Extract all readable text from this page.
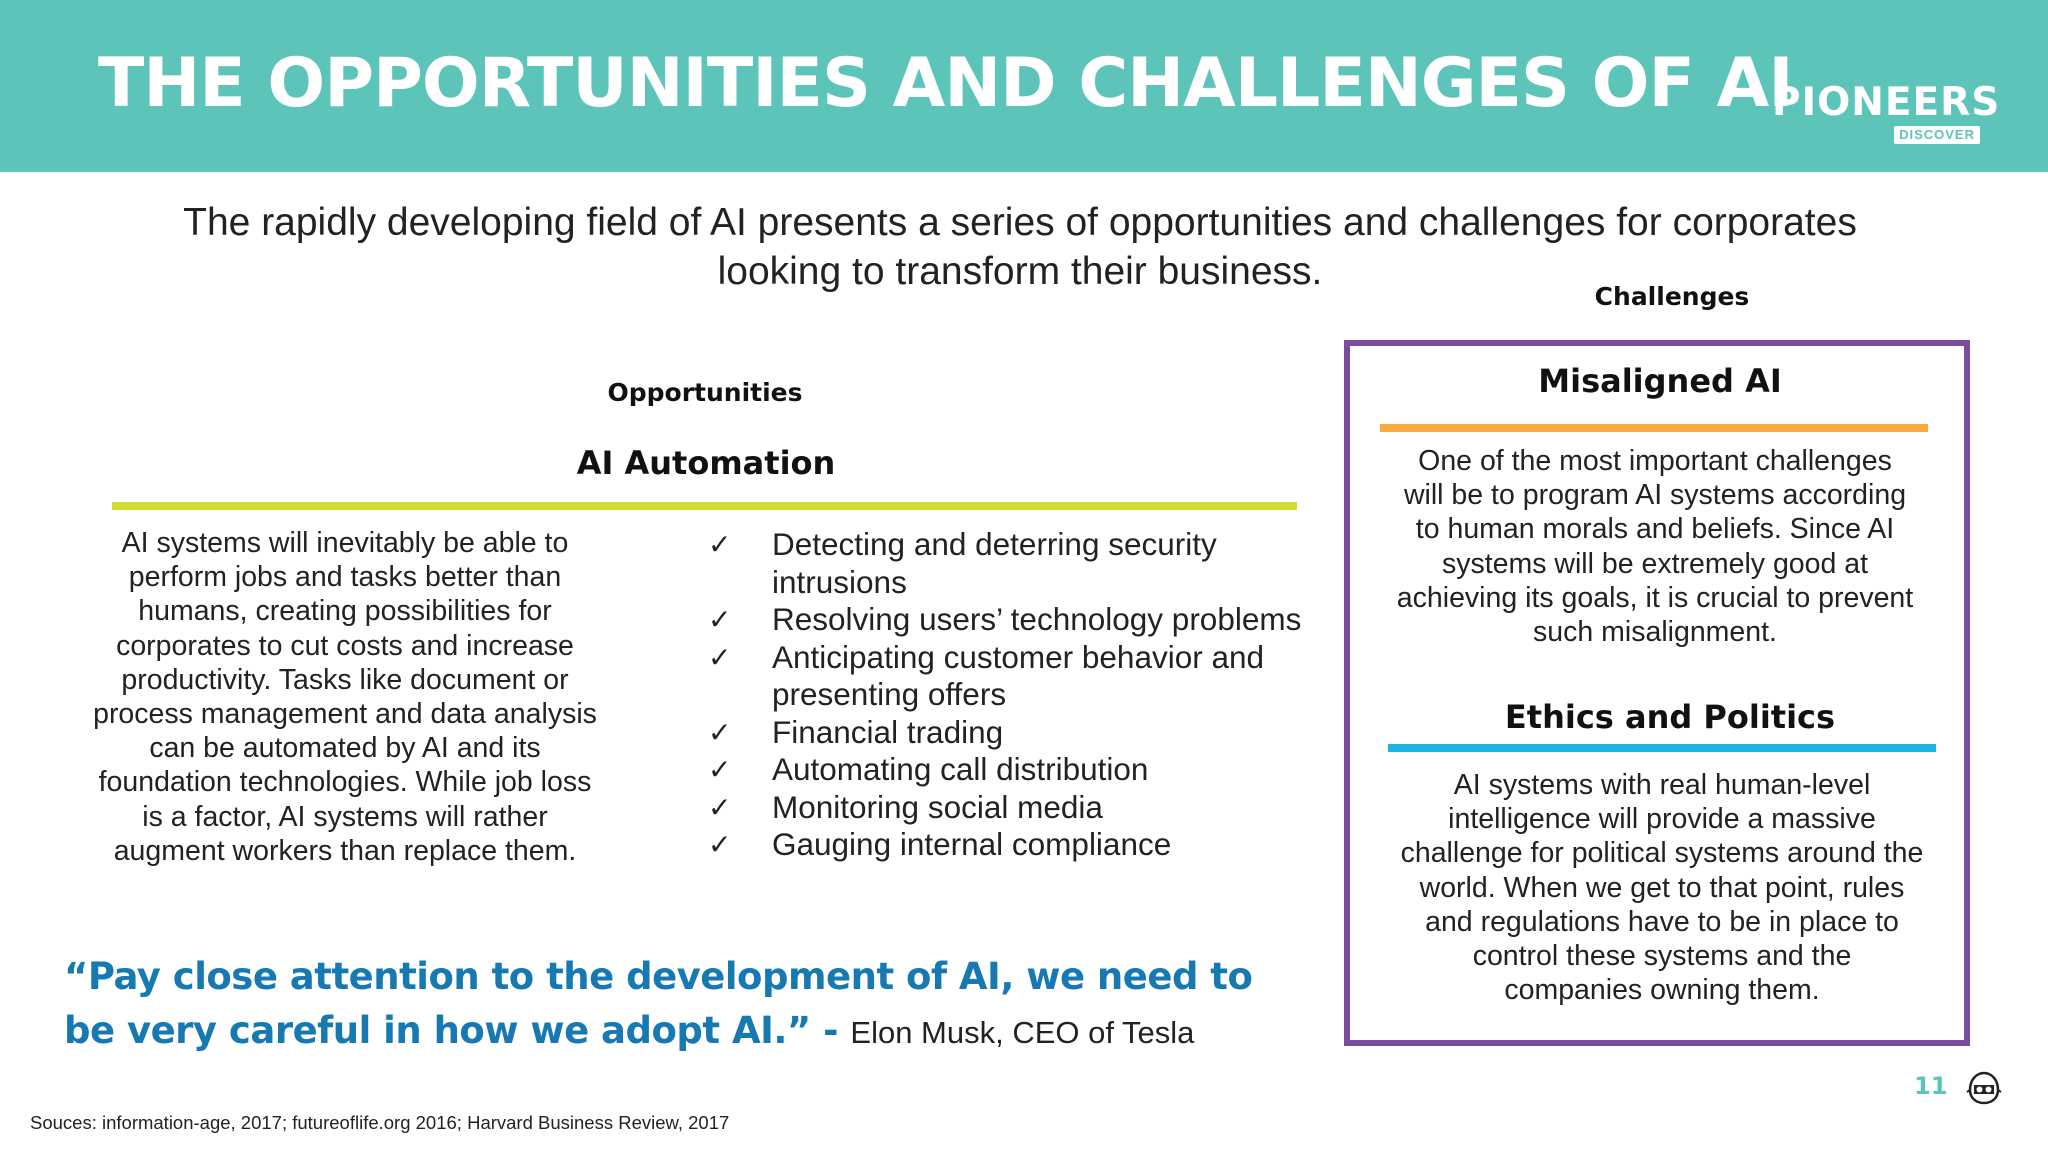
THE OPPORTUNITIES AND CHALLENGES OF AI
PIONEERS
DISCOVER

The rapidly developing field of AI presents a series of opportunities and challenges for corporates looking to transform their business.

Opportunities
Challenges
AI Automation

AI systems will inevitably be able to perform jobs and tasks better than humans, creating possibilities for corporates to cut costs and increase productivity. Tasks like document or process management and data analysis can be automated by AI and its foundation technologies. While job loss is a factor, AI systems will rather augment workers than replace them.

✓ Detecting and deterring security intrusions
✓ Resolving users’ technology problems
✓ Anticipating customer behavior and presenting offers
✓ Financial trading
✓ Automating call distribution
✓ Monitoring social media
✓ Gauging internal compliance

“Pay close attention to the development of AI, we need to be very careful in how we adopt AI.” - Elon Musk, CEO of Tesla

Misaligned AI

One of the most important challenges will be to program AI systems according to human morals and beliefs. Since AI systems will be extremely good at achieving its goals, it is crucial to prevent such misalignment.

Ethics and Politics

AI systems with real human-level intelligence will provide a massive challenge for political systems around the world. When we get to that point, rules and regulations have to be in place to control these systems and the companies owning them.

11

Souces: information-age, 2017; futureoflife.org 2016; Harvard Business Review, 2017
